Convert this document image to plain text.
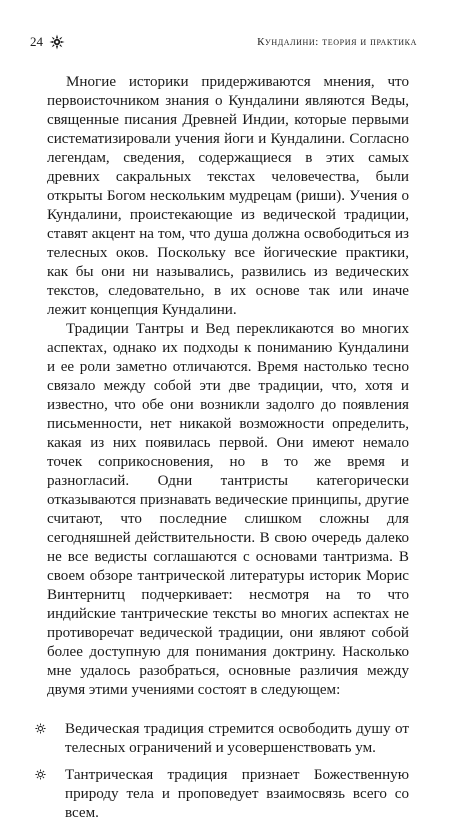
24	Кундалини: теория и практика

Многие историки придерживаются мнения, что первоисточником знания о Кундалини являются Веды, священные писания Древней Индии, которые первыми систематизировали учения йоги и Кундалини. Согласно легендам, сведения, содержащиеся в этих самых древних сакральных текстах человечества, были открыты Богом нескольким мудрецам (риши). Учения о Кундалини, проистекающие из ведической традиции, ставят акцент на том, что душа должна освободиться из телесных оков. Поскольку все йогические практики, как бы они ни назывались, развились из ведических текстов, следовательно, в их основе так или иначе лежит концепция Кундалини.

Традиции Тантры и Вед перекликаются во многих аспектах, однако их подходы к пониманию Кундалини и ее роли заметно отличаются. Время настолько тесно связало между собой эти две традиции, что, хотя и известно, что обе они возникли задолго до появления письменности, нет никакой возможности определить, какая из них появилась первой. Они имеют немало точек соприкосновения, но в то же время и разногласий. Одни тантристы категорически отказываются признавать ведические принципы, другие считают, что последние слишком сложны для сегодняшней действительности. В свою очередь далеко не все ведисты соглашаются с основами тантризма. В своем обзоре тантрической литературы историк Морис Винтернитц подчеркивает: несмотря на то что индийские тантрические тексты во многих аспектах не противоречат ведической традиции, они являют собой более доступную для понимания доктрину. Насколько мне удалось разобраться, основные различия между двумя этими учениями состоят в следующем:

Ведическая традиция стремится освободить душу от телесных ограничений и усовершенствовать ум.
Тантрическая традиция признает Божественную природу тела и проповедует взаимосвязь всего со всем.
